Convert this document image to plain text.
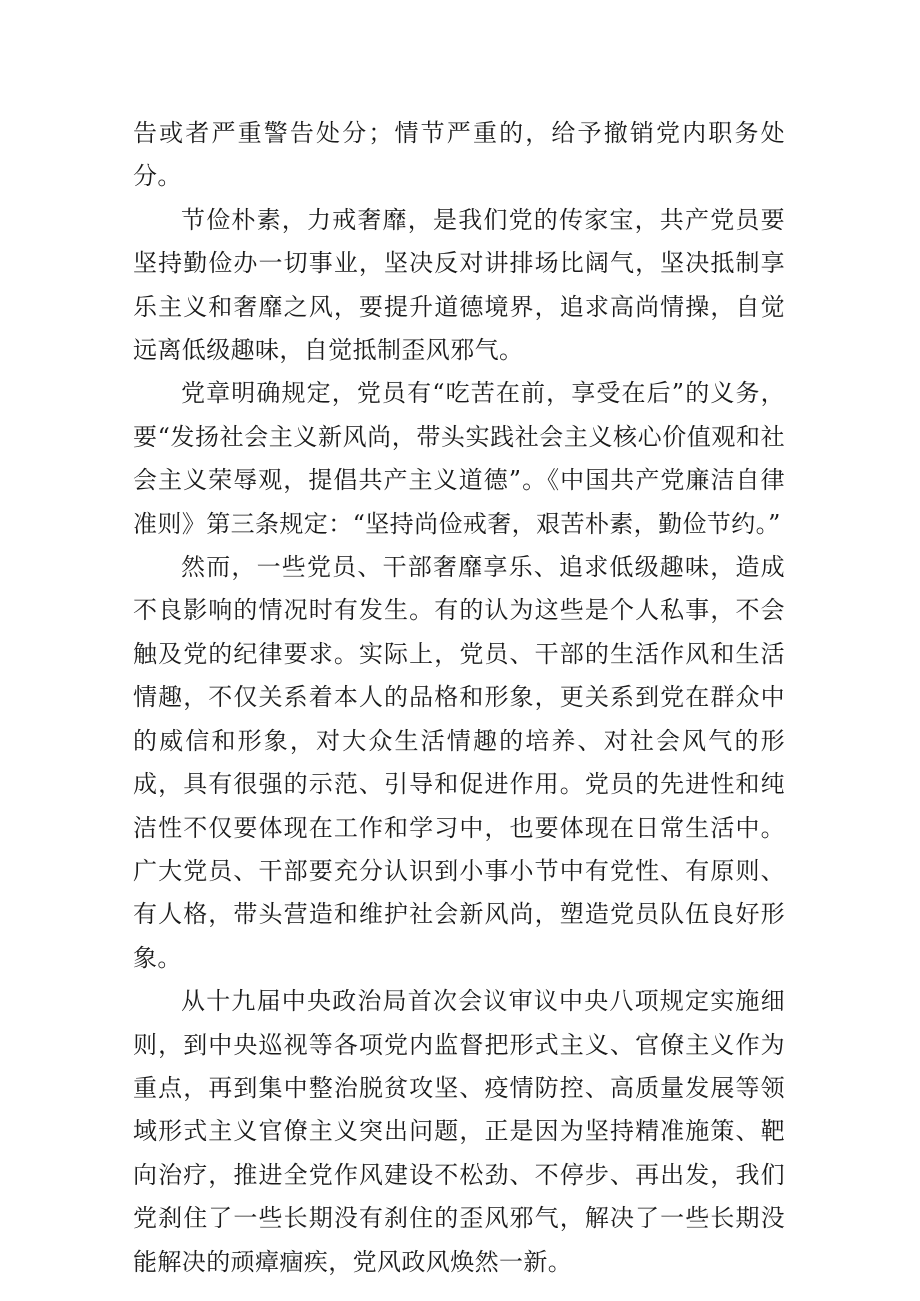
告或者严重警告处分；情节严重的，给予撤销党内职务处分。

节俭朴素，力戒奢靡，是我们党的传家宝，共产党员要坚持勤俭办一切事业，坚决反对讲排场比阔气，坚决抵制享乐主义和奢靡之风，要提升道德境界，追求高尚情操，自觉远离低级趣味，自觉抵制歪风邪气。

党章明确规定，党员有“吃苦在前，享受在后”的义务，要“发扬社会主义新风尚，带头实践社会主义核心价值观和社会主义荣辱观，提倡共产主义道德”。《中国共产党廉洁自律准则》第三条规定：“坚持尚俭戒奢，艰苦朴素，勤俭节约。”

然而，一些党员、干部奢靡享乐、追求低级趣味，造成不良影响的情况时有发生。有的认为这些是个人私事，不会触及党的纪律要求。实际上，党员、干部的生活作风和生活情趣，不仅关系着本人的品格和形象，更关系到党在群众中的威信和形象，对大众生活情趣的培养、对社会风气的形成，具有很强的示范、引导和促进作用。党员的先进性和纯洁性不仅要体现在工作和学习中，也要体现在日常生活中。广大党员、干部要充分认识到小事小节中有党性、有原则、有人格，带头营造和维护社会新风尚，塑造党员队伍良好形象。

从十九届中央政治局首次会议审议中央八项规定实施细则，到中央巡视等各项党内监督把形式主义、官僚主义作为重点，再到集中整治脱贫攻坚、疫情防控、高质量发展等领域形式主义官僚主义突出问题，正是因为坚持精准施策、靶向治疗，推进全党作风建设不松劲、不停步、再出发，我们党刹住了一些长期没有刹住的歪风邪气，解决了一些长期没能解决的顽瘴痼疾，党风政风焕然一新。
